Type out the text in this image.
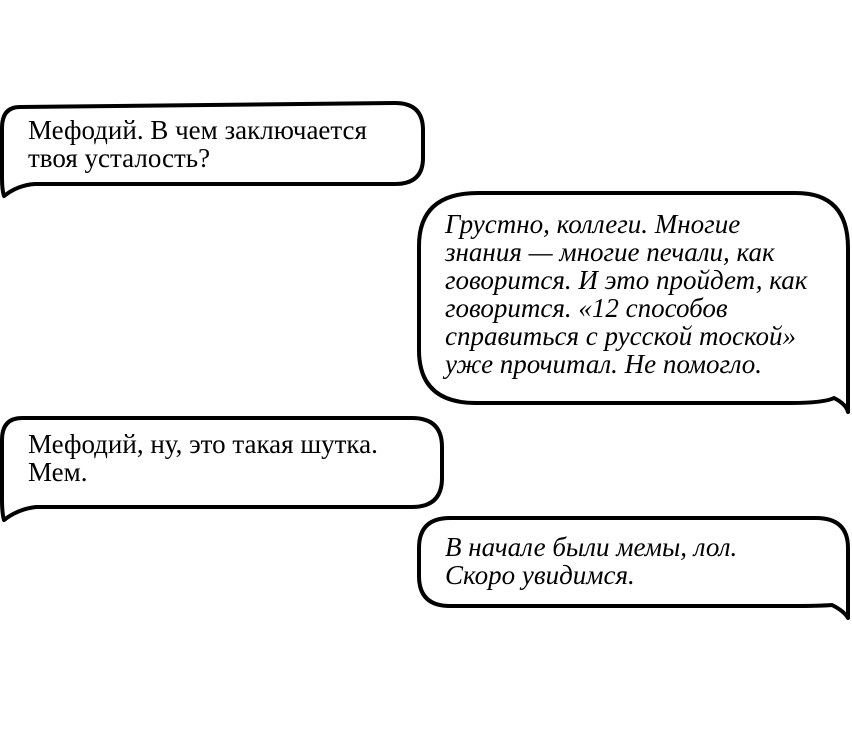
Мефодий. В чем заключается
твоя усталость?
Грустно, коллеги. Многие
знания — многие печали, как
говорится. И это пройдет, как
говорится. «12 способов
справиться с русской тоской»
уже прочитал. Не помогло.
Мефодий, ну, это такая шутка.
Мем.
В начале были мемы, лол.
Скоро увидимся.
